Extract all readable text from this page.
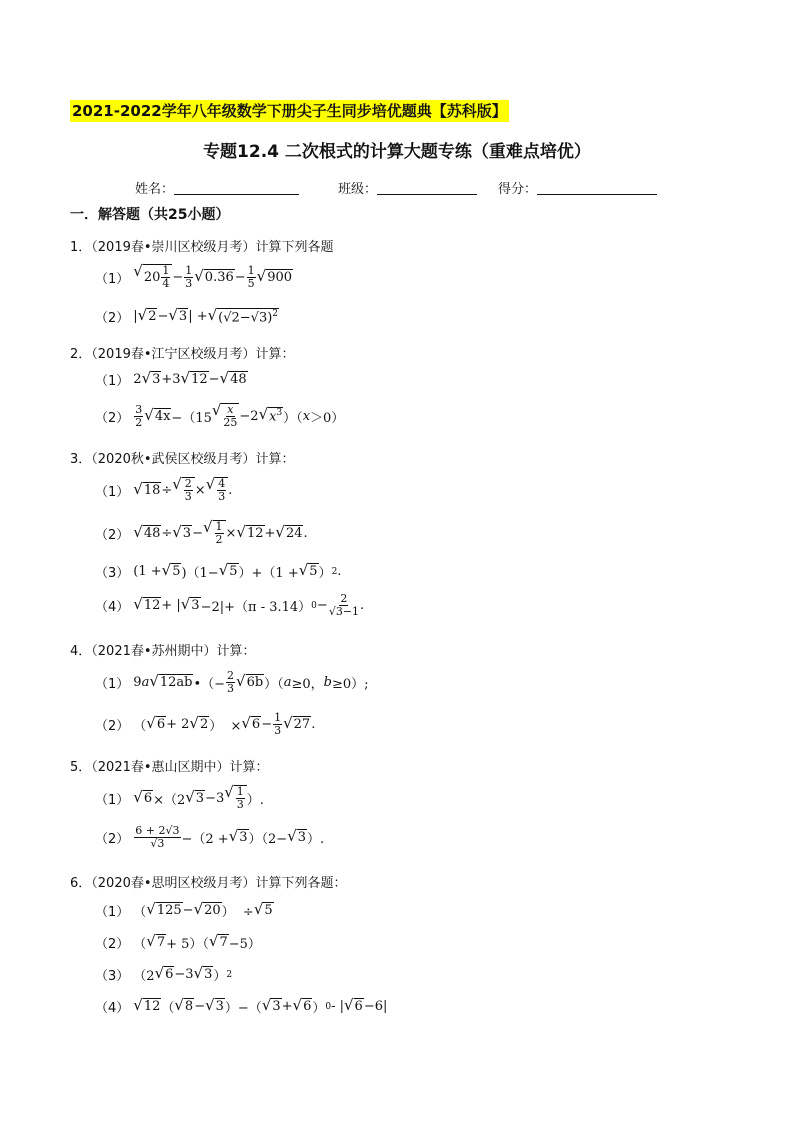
2021-2022学年八年级数学下册尖子生同步培优题典【苏科版】
专题12.4 二次根式的计算大题专练（重难点培优）
姓名：	班级：	得分：
一．解答题（共25小题）
1．（2019春•崇川区校级月考）计算下列各题
（1） √ $20 \frac{1}{4} - \frac{1}{3}$ √ $0.36 - \frac{1}{5}$ √ 900
（2） | √ 2 − √ 3 | + √ $(√2-√3)^2$
2．（2019春•江宁区校级月考）计算：
（1） 2 √ 3 +3 √ 12 − √ 48
$(2) \frac{3}{2}$ √ 4x −（15 √ $\frac{x}{25} -2$ √ $x^3$ ）（ x ＞0）
3．（2020秋•武侯区校级月考）计算：
（1） √ 18 ÷ √ $\frac{2}{3}$ × √ $\frac{4}{3}$ .
（2） √ 48 ÷ √ 3 − √ $\frac{1}{2}$ × √ 12 + √ 24 .
（3） (1 + √ 5 )（1− √ 5 ）+（1 + √ 5 ） 2 .
（4） √ 12 + | √ 3 −2|+（π - 3.14） $0 - \frac{2}{√3-1}$ .
4．（2021春•苏州期中）计算：
（1） 9 a √ 12ab •（− $\frac{2}{3}$ √ 6b ）（ a ≥0， b ≥0）;
（2） （ √ 6 + 2 √ 2 ）  × √ $6 - \frac{1}{3}$ √ 27 .
5．（2021春•惠山区期中）计算：
（1） √ 6 ×（2 √ 3 −3 √ $\frac{1}{3}$ ）.
$(2) \frac{6 + 2√3}{√3} -(2$ + √ 3 ）（2− √ 3 ）.
6．（2020春•思明区校级月考）计算下列各题：
（1） （ √ 125 − √ 20 ）  ÷ √ 5
（2） （ √ 7 + 5）（ √ 7 −5）
（3） （2 √ 6 −3 √ 3 ） 2
（4） √ 12 （ √ 8 − √ 3 ）−（ √ 3 + √ 6 ） 0 - | √ 6 −6|
